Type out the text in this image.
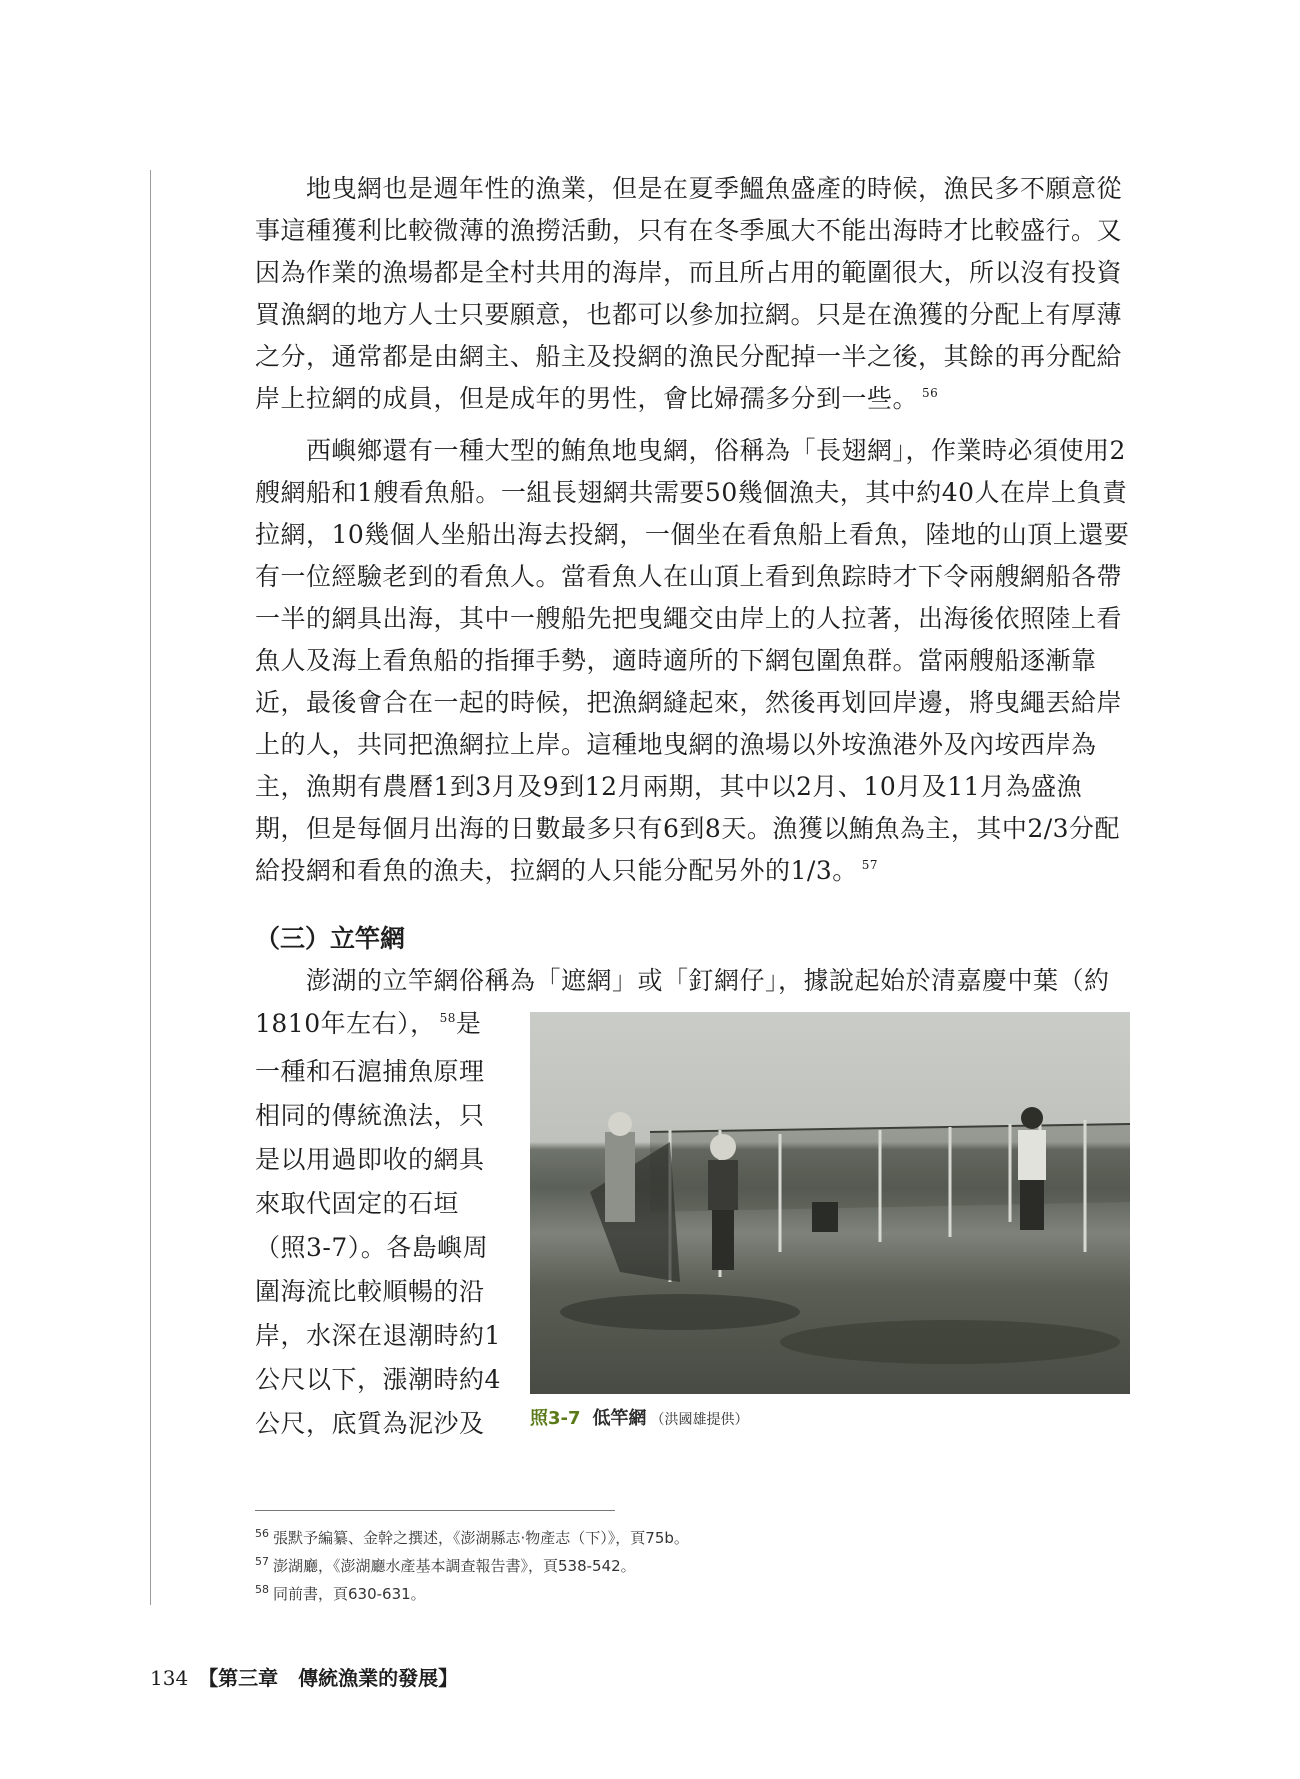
　　地曳網也是週年性的漁業，但是在夏季鰮魚盛產的時候，漁民多不願意從事這種獲利比較微薄的漁撈活動，只有在冬季風大不能出海時才比較盛行。又因為作業的漁場都是全村共用的海岸，而且所占用的範圍很大，所以沒有投資買漁網的地方人士只要願意，也都可以參加拉網。只是在漁獲的分配上有厚薄之分，通常都是由網主、船主及投網的漁民分配掉一半之後，其餘的再分配給岸上拉網的成員，但是成年的男性，會比婦孺多分到一些。 $^{56}$
　　西嶼鄉還有一種大型的鮪魚地曳網，俗稱為「長翅網」，作業時必須使用2艘網船和1艘看魚船。一組長翅網共需要50幾個漁夫，其中約40人在岸上負責拉網，10幾個人坐船出海去投網，一個坐在看魚船上看魚，陸地的山頂上還要有一位經驗老到的看魚人。當看魚人在山頂上看到魚踪時才下令兩艘網船各帶一半的網具出海，其中一艘船先把曳繩交由岸上的人拉著，出海後依照陸上看魚人及海上看魚船的指揮手勢，適時適所的下網包圍魚群。當兩艘船逐漸靠近，最後會合在一起的時候，把漁網縫起來，然後再划回岸邊，將曳繩丟給岸上的人，共同把漁網拉上岸。這種地曳網的漁場以外垵漁港外及內垵西岸為主，漁期有農曆1到3月及9到12月兩期，其中以2月、10月及11月為盛漁期，但是每個月出海的日數最多只有6到8天。漁獲以鮪魚為主，其中2/3分配給投網和看魚的漁夫，拉網的人只能分配另外的1/3。 $^{57}$
（三）立竿網
　　澎湖的立竿網俗稱為「遮網」或「釘網仔」，據說起始於清嘉慶中葉（約
1810年左右）， $^{58}$是一種和石滬捕魚原理相同的傳統漁法，只是以用過即收的網具來取代固定的石垣（照3-7）。各島嶼周圍海流比較順暢的沿岸，水深在退潮時約1公尺以下，漲潮時約4公尺，底質為泥沙及	照3-7 低竿網 （洪國雄提供）
$^{56}$ 張默予編纂、金幹之撰述，《澎湖縣志‧物產志（下）》，頁75b。
$^{57}$ 澎湖廳，《澎湖廳水產基本調查報告書》，頁538-542。
$^{58}$ 同前書，頁630-631。
134 【第三章　傳統漁業的發展】
